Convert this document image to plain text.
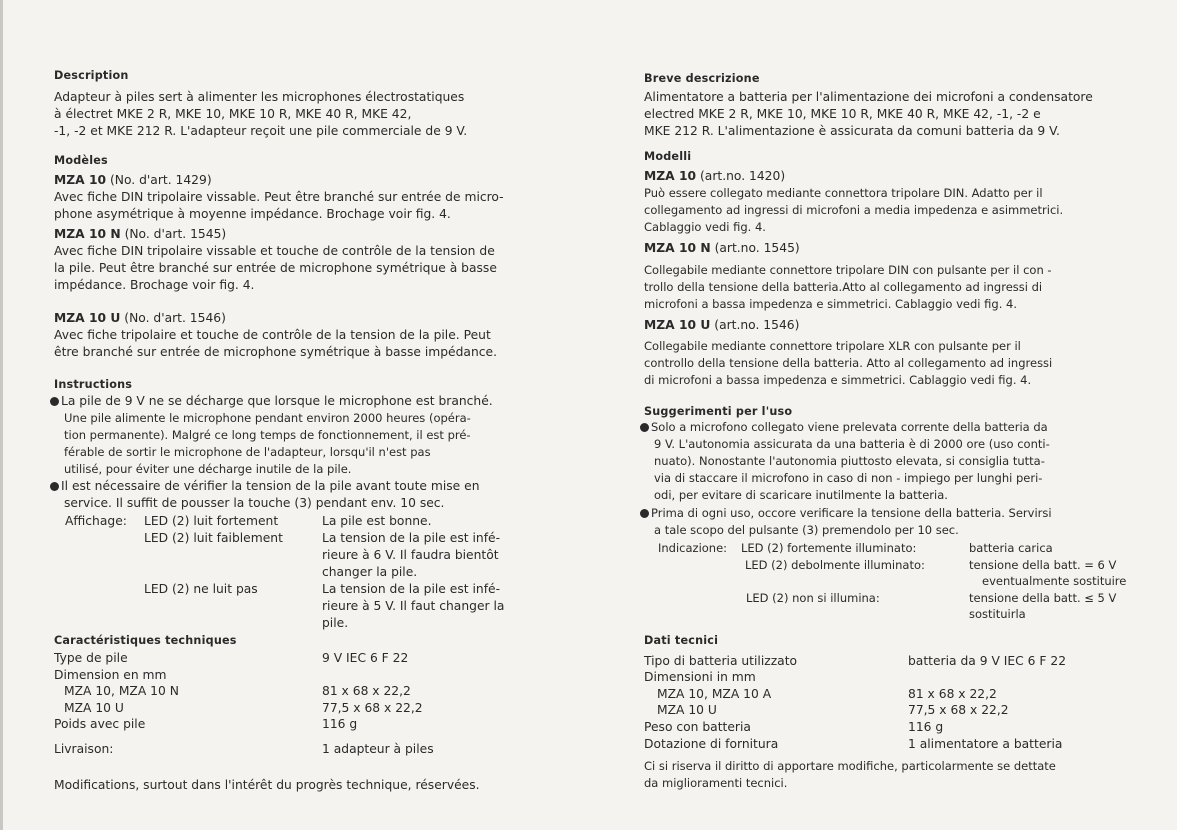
Description
Adapteur à piles sert à alimenter les microphones électrostatiques
à électret MKE 2 R, MKE 10, MKE 10 R, MKE 40 R, MKE 42,
-1, -2 et MKE 212 R. L'adapteur reçoit une pile commerciale de 9 V.
Modèles
MZA 10 (No. d'art. 1429)
Avec fiche DIN tripolaire vissable. Peut être branché sur entrée de micro-
phone asymétrique à moyenne impédance. Brochage voir fig. 4.
MZA 10 N (No. d'art. 1545)
Avec fiche DIN tripolaire vissable et touche de contrôle de la tension de
la pile. Peut être branché sur entrée de microphone symétrique à basse
impédance. Brochage voir fig. 4.
MZA 10 U (No. d'art. 1546)
Avec fiche tripolaire et touche de contrôle de la tension de la pile. Peut
être branché sur entrée de microphone symétrique à basse impédance.
Instructions
La pile de 9 V ne se décharge que lorsque le microphone est branché.
Une pile alimente le microphone pendant environ 2000 heures (opéra-
tion permanente). Malgré ce long temps de fonctionnement, il est pré-
férable de sortir le microphone de l'adapteur, lorsqu'il n'est pas
utilisé, pour éviter une décharge inutile de la pile.
Il est nécessaire de vérifier la tension de la pile avant toute mise en
service. Il suffit de pousser la touche (3) pendant env. 10 sec.
Affichage: LED (2) luit fortement	La pile est bonne.
LED (2) luit faiblement	La tension de la pile est infé-
rieure à 6 V. Il faudra bientôt
changer la pile.
LED (2) ne luit pas	La tension de la pile est infé-
rieure à 5 V. Il faut changer la
pile.
Caractéristiques techniques
Type de pile	9 V IEC 6 F 22
Dimension en mm
MZA 10, MZA 10 N	81 x 68 x 22,2
MZA 10 U	77,5 x 68 x 22,2
Poids avec pile	116 g
Livraison:	1 adapteur à piles
Modifications, surtout dans l'intérêt du progrès technique, réservées.
Breve descrizione
Alimentatore a batteria per l'alimentazione dei microfoni a condensatore
electred MKE 2 R, MKE 10, MKE 10 R, MKE 40 R, MKE 42, -1, -2 e
MKE 212 R. L'alimentazione è assicurata da comuni batteria da 9 V.
Modelli
MZA 10 (art.no. 1420)
Può essere collegato mediante connettora tripolare DIN. Adatto per il
collegamento ad ingressi di microfoni a media impedenza e asimmetrici.
Cablaggio vedi fig. 4.
MZA 10 N (art.no. 1545)
Collegabile mediante connettore tripolare DIN con pulsante per il con -
trollo della tensione della batteria.Atto al collegamento ad ingressi di
microfoni a bassa impedenza e simmetrici. Cablaggio vedi fig. 4.
MZA 10 U (art.no. 1546)
Collegabile mediante connettore tripolare XLR con pulsante per il
controllo della tensione della batteria. Atto al collegamento ad ingressi
di microfoni a bassa impedenza e simmetrici. Cablaggio vedi fig. 4.
Suggerimenti per l'uso
Solo a microfono collegato viene prelevata corrente della batteria da
9 V. L'autonomia assicurata da una batteria è di 2000 ore (uso conti-
nuato). Nonostante l'autonomia piuttosto elevata, si consiglia tutta-
via di staccare il microfono in caso di non - impiego per lunghi peri-
odi, per evitare di scaricare inutilmente la batteria.
Prima di ogni uso, occore verificare la tensione della batteria. Servirsi
a tale scopo del pulsante (3) premendolo per 10 sec.
Indicazione: LED (2) fortemente illuminato:	batteria carica
LED (2) debolmente illuminato:	tensione della batt. = 6 V
eventualmente sostituire
LED (2) non si illumina:	tensione della batt. ≤ 5 V
sostituirla
Dati tecnici
Tipo di batteria utilizzato	batteria da 9 V IEC 6 F 22
Dimensioni in mm
MZA 10, MZA 10 A	81 x 68 x 22,2
MZA 10 U	77,5 x 68 x 22,2
Peso con batteria	116 g
Dotazione di fornitura	1 alimentatore a batteria
Ci si riserva il diritto di apportare modifiche, particolarmente se dettate
da miglioramenti tecnici.
